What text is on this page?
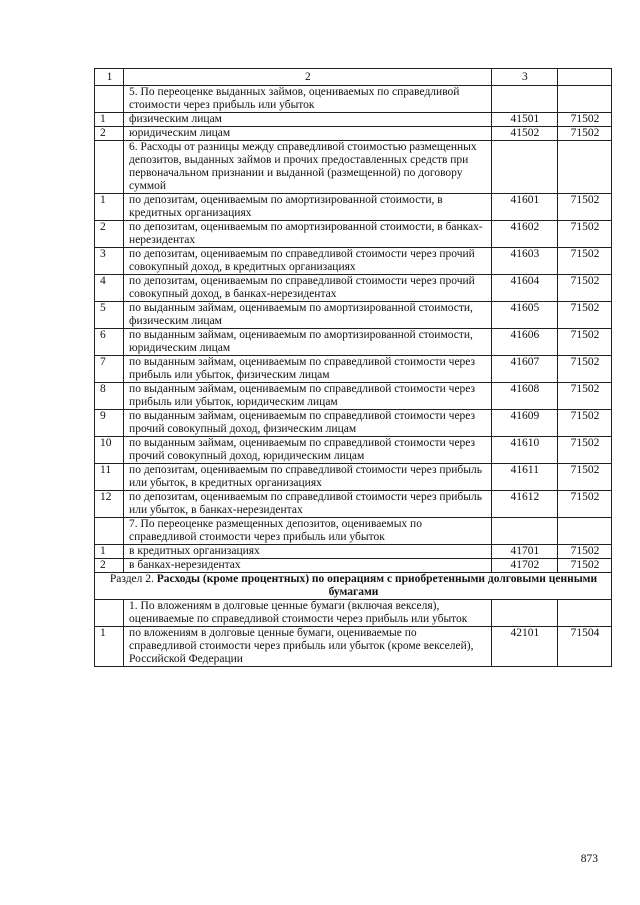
1	2	3	
	5. По переоценке выданных займов, оцениваемых по справедливой стоимости через прибыль или убыток		
1	физическим лицам	41501	71502
2	юридическим лицам	41502	71502
	6. Расходы от разницы между справедливой стоимостью размещенных депозитов, выданных займов и прочих предоставленных средств при первоначальном признании и выданной (размещенной) по договору суммой		
1	по депозитам, оцениваемым по амортизированной стоимости, в кредитных организациях	41601	71502
2	по депозитам, оцениваемым по амортизированной стоимости, в банках-нерезидентах	41602	71502
3	по депозитам, оцениваемым по справедливой стоимости через прочий совокупный доход, в кредитных организациях	41603	71502
4	по депозитам, оцениваемым по справедливой стоимости через прочий совокупный доход, в банках-нерезидентах	41604	71502
5	по выданным займам, оцениваемым по амортизированной стоимости, физическим лицам	41605	71502
6	по выданным займам, оцениваемым по амортизированной стоимости, юридическим лицам	41606	71502
7	по выданным займам, оцениваемым по справедливой стоимости через прибыль или убыток, физическим лицам	41607	71502
8	по выданным займам, оцениваемым по справедливой стоимости через прибыль или убыток, юридическим лицам	41608	71502
9	по выданным займам, оцениваемым по справедливой стоимости через прочий совокупный доход, физическим лицам	41609	71502
10	по выданным займам, оцениваемым по справедливой стоимости через прочий совокупный доход, юридическим лицам	41610	71502
11	по депозитам, оцениваемым по справедливой стоимости через прибыль или убыток, в кредитных организациях	41611	71502
12	по депозитам, оцениваемым по справедливой стоимости через прибыль или убыток, в банках-нерезидентах	41612	71502
	7. По переоценке размещенных депозитов, оцениваемых по справедливой стоимости через прибыль или убыток		
1	в кредитных организациях	41701	71502
2	в банках-нерезидентах	41702	71502
Раздел 2. Расходы (кроме процентных) по операциям с приобретенными долговыми ценными бумагами			
	1. По вложениям в долговые ценные бумаги (включая векселя), оцениваемые по справедливой стоимости через прибыль или убыток		
1	по вложениям в долговые ценные бумаги, оцениваемые по справедливой стоимости через прибыль или убыток (кроме векселей), Российской Федерации	42101	71504
873
